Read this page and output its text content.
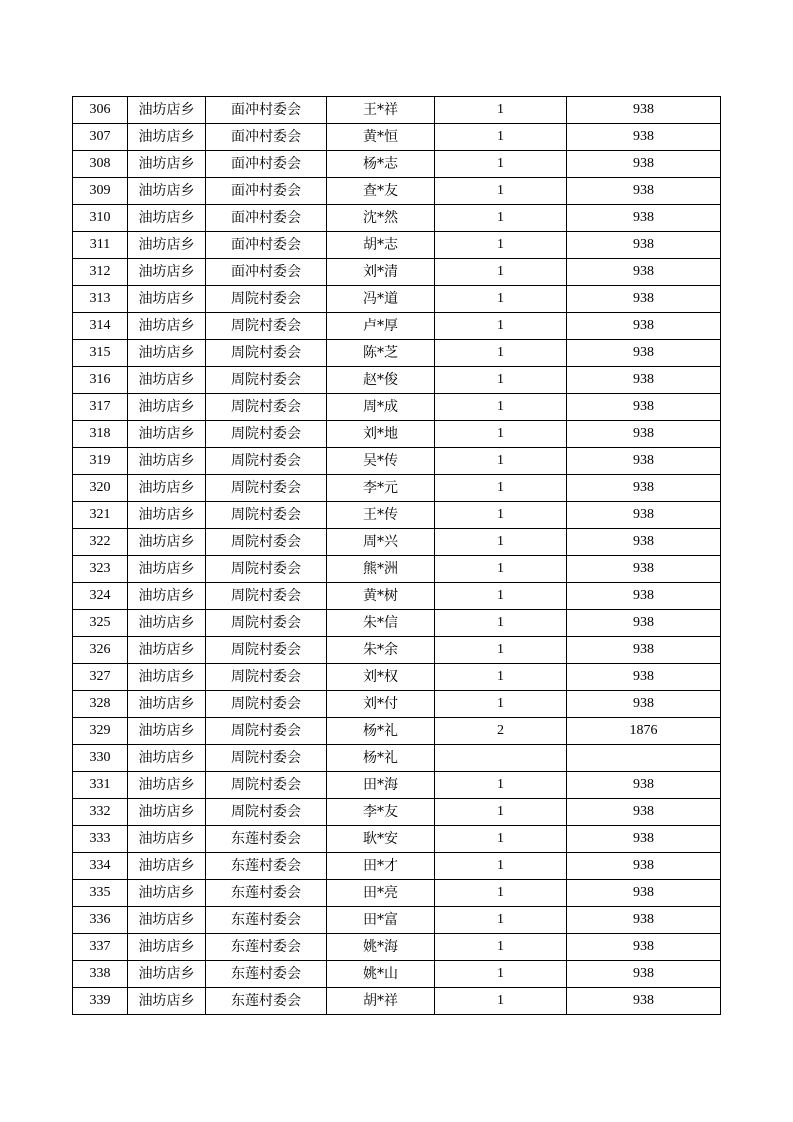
306	油坊店乡	面冲村委会	王*祥	1	938
307	油坊店乡	面冲村委会	黄*恒	1	938
308	油坊店乡	面冲村委会	杨*志	1	938
309	油坊店乡	面冲村委会	查*友	1	938
310	油坊店乡	面冲村委会	沈*然	1	938
311	油坊店乡	面冲村委会	胡*志	1	938
312	油坊店乡	面冲村委会	刘*清	1	938
313	油坊店乡	周院村委会	冯*道	1	938
314	油坊店乡	周院村委会	卢*厚	1	938
315	油坊店乡	周院村委会	陈*芝	1	938
316	油坊店乡	周院村委会	赵*俊	1	938
317	油坊店乡	周院村委会	周*成	1	938
318	油坊店乡	周院村委会	刘*地	1	938
319	油坊店乡	周院村委会	吴*传	1	938
320	油坊店乡	周院村委会	李*元	1	938
321	油坊店乡	周院村委会	王*传	1	938
322	油坊店乡	周院村委会	周*兴	1	938
323	油坊店乡	周院村委会	熊*洲	1	938
324	油坊店乡	周院村委会	黄*树	1	938
325	油坊店乡	周院村委会	朱*信	1	938
326	油坊店乡	周院村委会	朱*余	1	938
327	油坊店乡	周院村委会	刘*权	1	938
328	油坊店乡	周院村委会	刘*付	1	938
329	油坊店乡	周院村委会	杨*礼	2	1876
330	油坊店乡	周院村委会	杨*礼		
331	油坊店乡	周院村委会	田*海	1	938
332	油坊店乡	周院村委会	李*友	1	938
333	油坊店乡	东莲村委会	耿*安	1	938
334	油坊店乡	东莲村委会	田*才	1	938
335	油坊店乡	东莲村委会	田*亮	1	938
336	油坊店乡	东莲村委会	田*富	1	938
337	油坊店乡	东莲村委会	姚*海	1	938
338	油坊店乡	东莲村委会	姚*山	1	938
339	油坊店乡	东莲村委会	胡*祥	1	938
